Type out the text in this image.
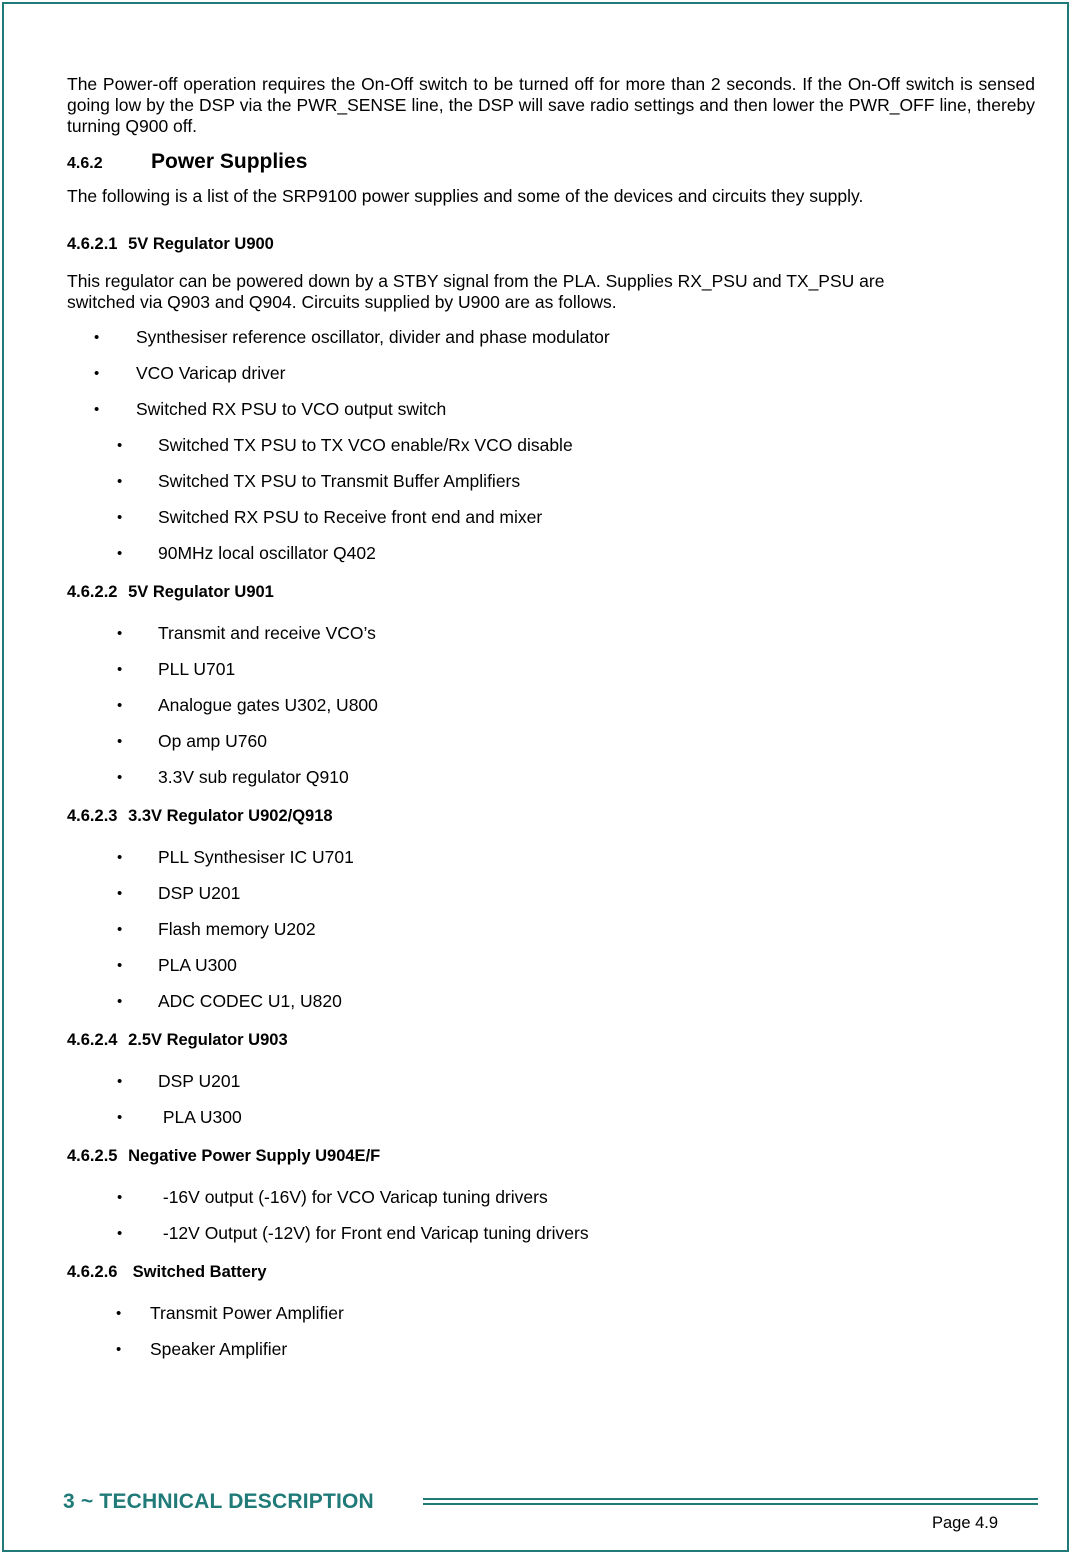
The Power-off operation requires the On-Off switch to be turned off for more than 2 seconds. If the On-Off switch is sensed going low by the DSP via the PWR_SENSE line, the DSP will save radio settings and then lower the PWR_OFF line, thereby turning Q900 off.

4.6.2	Power Supplies

The following is a list of the SRP9100 power supplies and some of the devices and circuits they supply.

4.6.2.1 5V Regulator U900

This regulator can be powered down by a STBY signal from the PLA. Supplies RX_PSU and TX_PSU are

switched via Q903 and Q904. Circuits supplied by U900 are as follows.

• Synthesiser reference oscillator, divider and phase modulator
• VCO Varicap driver
• Switched RX PSU to VCO output switch
• Switched TX PSU to TX VCO enable/Rx VCO disable
• Switched TX PSU to Transmit Buffer Amplifiers
• Switched RX PSU to Receive front end and mixer
• 90MHz local oscillator Q402
4.6.2.2 5V Regulator U901
• Transmit and receive VCO’s
• PLL U701
• Analogue gates U302, U800
• Op amp U760
• 3.3V sub regulator Q910
4.6.2.3 3.3V Regulator U902/Q918
• PLL Synthesiser IC U701
• DSP U201
• Flash memory U202
• PLA U300
• ADC CODEC U1, U820
4.6.2.4 2.5V Regulator U903
• DSP U201
•  PLA U300
4.6.2.5 Negative Power Supply U904E/F
•  -16V output (-16V) for VCO Varicap tuning drivers
•  -12V Output (-12V) for Front end Varicap tuning drivers
4.6.2.6  Switched Battery
• Transmit Power Amplifier
• Speaker Amplifier
3 ~ TECHNICAL DESCRIPTION
Page 4.9
